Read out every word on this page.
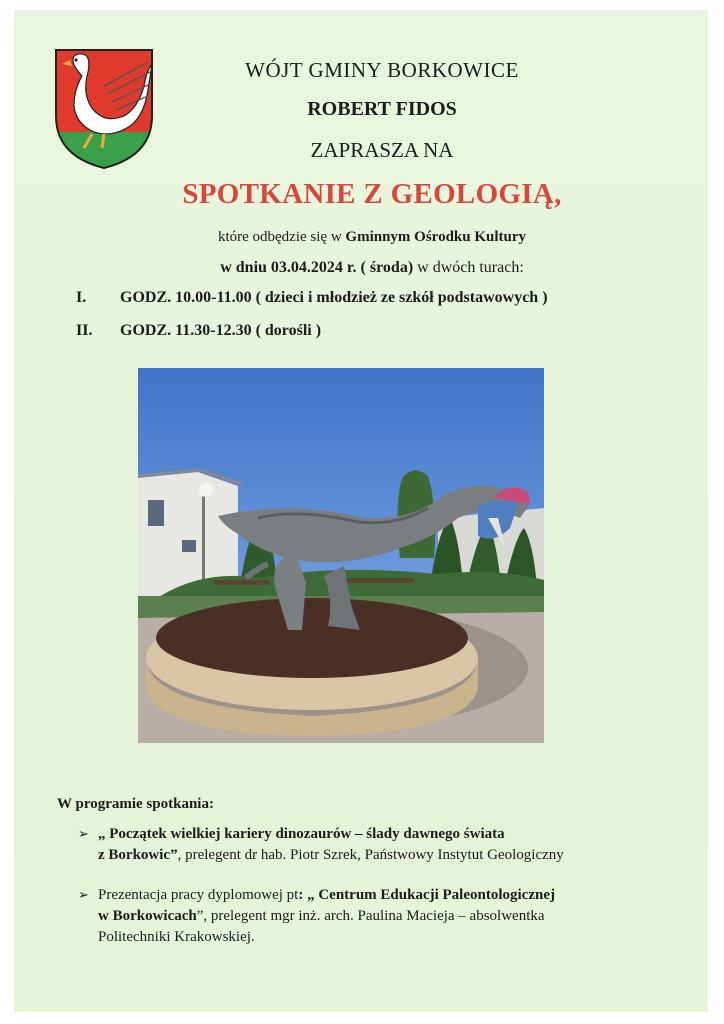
WÓJT GMINY BORKOWICE
ROBERT FIDOS
ZAPRASZA NA
SPOTKANIE Z GEOLOGIĄ,
które odbędzie się w Gminnym Ośrodku Kultury
w dniu 03.04.2024 r. ( środa) w dwóch turach:
I. GODZ. 10.00-11.00 ( dzieci i młodzież ze szkół podstawowych )
II. GODZ. 11.30-12.30 ( dorośli )
W programie spotkania:
➢ „ Początek wielkiej kariery dinozaurów – ślady dawnego świata
z Borkowic”, prelegent dr hab. Piotr Szrek, Państwowy Instytut Geologiczny
➢ Prezentacja pracy dyplomowej pt: „ Centrum Edukacji Paleontologicznej
w Borkowicach”, prelegent mgr inż. arch. Paulina Macieja – absolwentka
Politechniki Krakowskiej.
